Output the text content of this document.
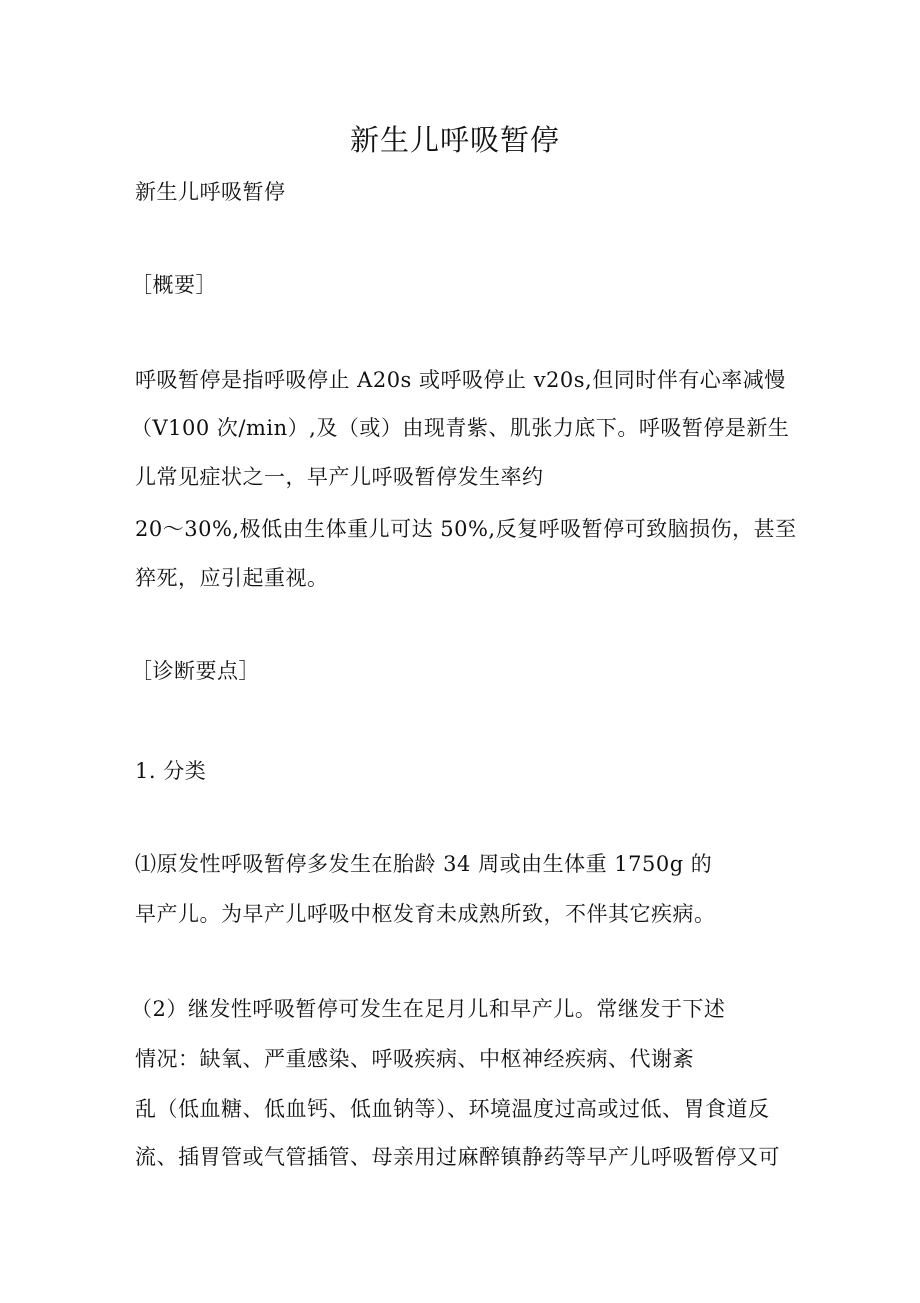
新生儿呼吸暂停
新生儿呼吸暂停
［概要］
呼吸暂停是指呼吸停止 A20s 或呼吸停止 v20s,但同时伴有心率减慢
（V100 次/min）,及（或）由现青紫、肌张力底下。呼吸暂停是新生
儿常见症状之一，早产儿呼吸暂停发生率约
20〜30%,极低由生体重儿可达 50%,反复呼吸暂停可致脑损伤，甚至
猝死，应引起重视。
［诊断要点］
1. 分类
⑴原发性呼吸暂停多发生在胎龄 34 周或由生体重 1750g 的
早产儿。为早产儿呼吸中枢发育未成熟所致，不伴其它疾病。
（2）继发性呼吸暂停可发生在足月儿和早产儿。常继发于下述
情况：缺氧、严重感染、呼吸疾病、中枢神经疾病、代谢紊
乱（低血糖、低血钙、低血钠等）、环境温度过高或过低、胃食道反
流、插胃管或气管插管、母亲用过麻醉镇静药等早产儿呼吸暂停又可
